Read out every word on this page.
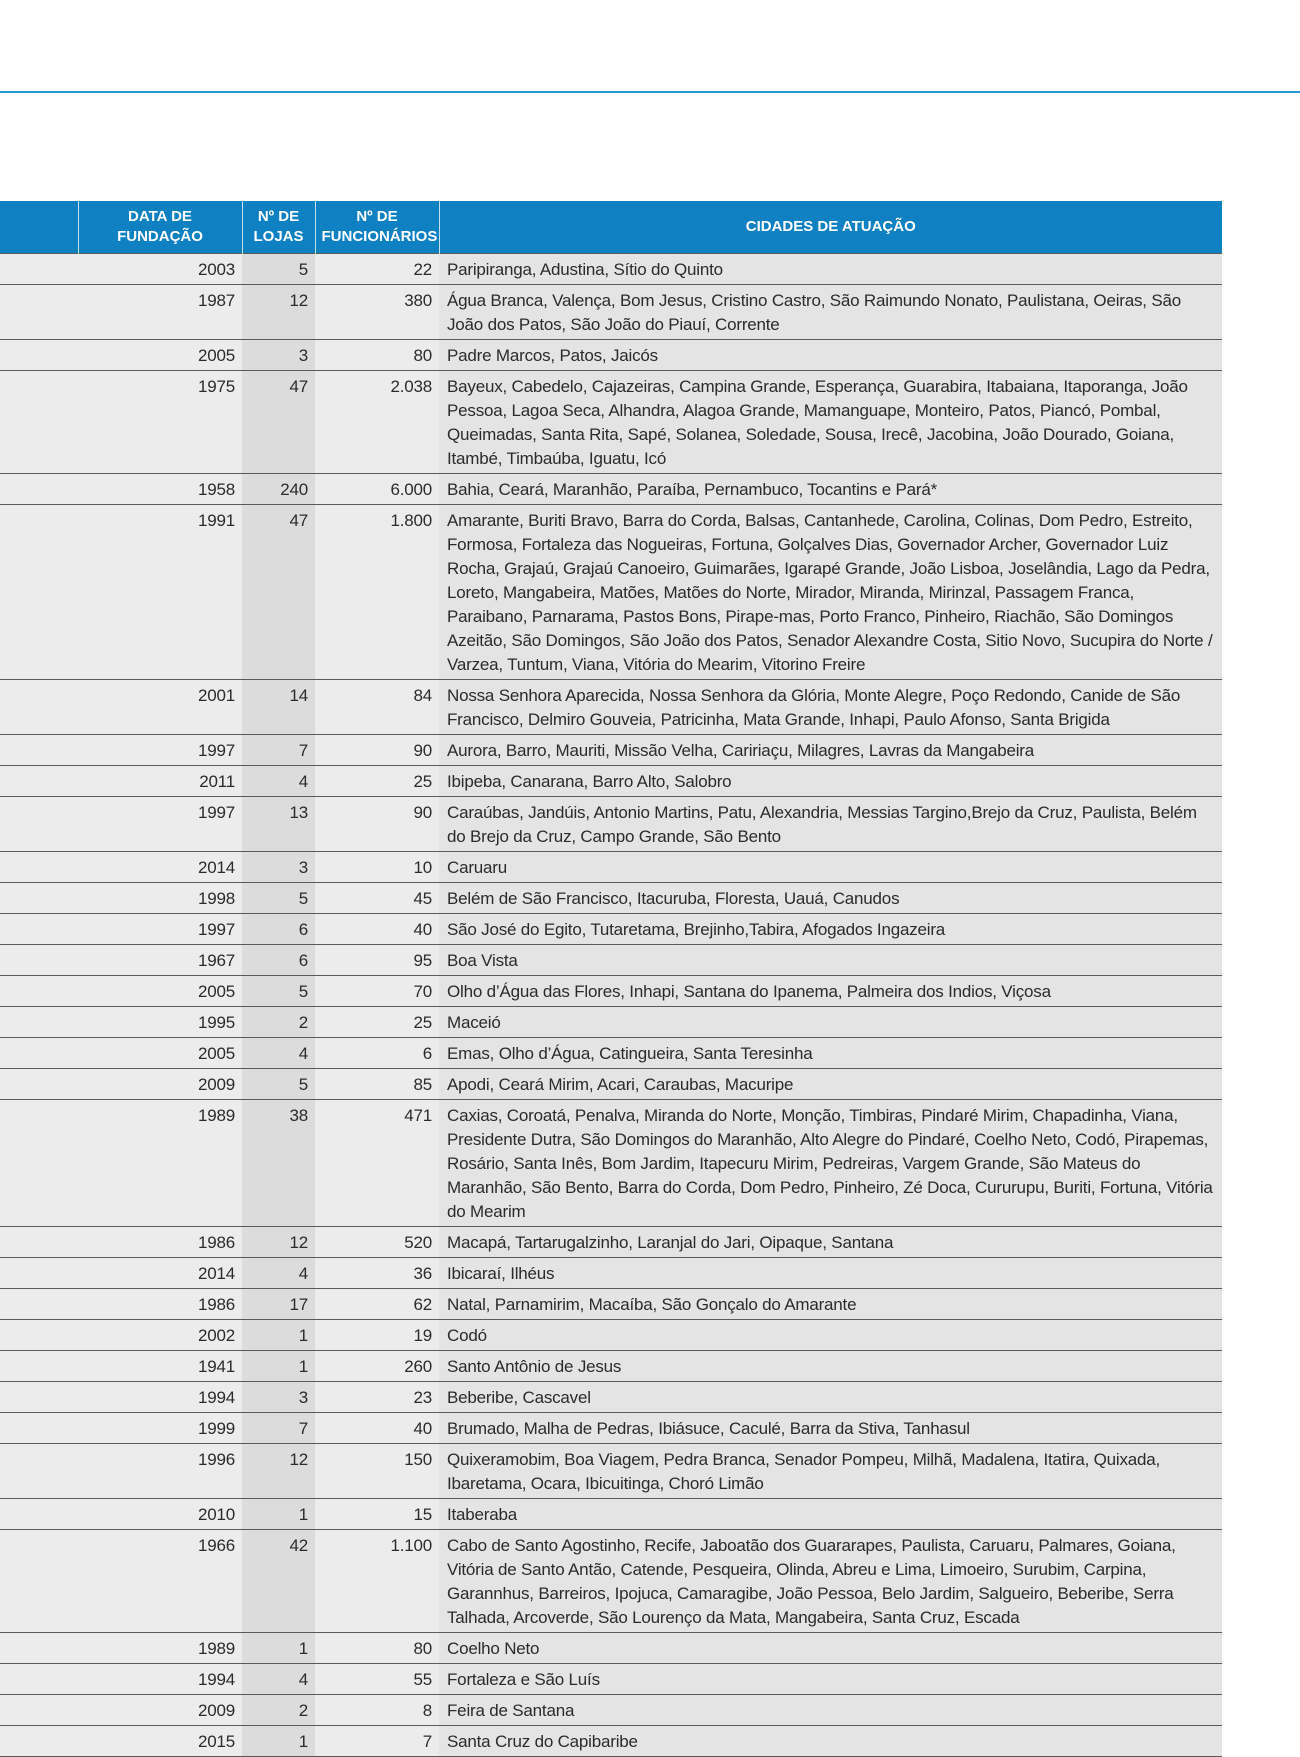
	DATA DE FUNDAÇÃO	Nº DE LOJAS	Nº DE FUNCIONÁRIOS	CIDADES DE ATUAÇÃO
	2003	5	22	Paripiranga, Adustina, Sítio do Quinto
	1987	12	380	Água Branca, Valença, Bom Jesus, Cristino Castro, São Raimundo Nonato, Paulistana, Oeiras, São João dos Patos, São João do Piauí, Corrente
	2005	3	80	Padre Marcos, Patos, Jaicós
	1975	47	2.038	Bayeux, Cabedelo, Cajazeiras, Campina Grande, Esperança, Guarabira, Itabaiana, Itaporanga, João Pessoa, Lagoa Seca, Alhandra, Alagoa Grande, Mamanguape, Monteiro, Patos, Piancó, Pombal, Queimadas, Santa Rita, Sapé, Solanea, Soledade, Sousa, Irecê, Jacobina, João Dourado, Goiana, Itambé, Timbaúba, Iguatu, Icó
	1958	240	6.000	Bahia, Ceará, Maranhão, Paraíba, Pernambuco, Tocantins e Pará*
	1991	47	1.800	Amarante, Buriti Bravo, Barra do Corda, Balsas, Cantanhede, Carolina, Colinas, Dom Pedro, Estreito, Formosa, Fortaleza das Nogueiras, Fortuna, Golçalves Dias, Governador Archer, Governador Luiz Rocha, Grajaú, Grajaú Canoeiro, Guimarães, Igarapé Grande, João Lisboa, Joselândia, Lago da Pedra, Loreto, Mangabeira, Matões, Matões do Norte, Mirador, Miranda, Mirinzal, Passagem Franca, Paraibano, Parnarama, Pastos Bons, Pirape-mas, Porto Franco, Pinheiro, Riachão, São Domingos Azeitão, São Domingos, São João dos Patos, Senador Alexandre Costa, Sitio Novo, Sucupira do Norte / Varzea, Tuntum, Viana, Vitória do Mearim, Vitorino Freire
	2001	14	84	Nossa Senhora Aparecida, Nossa Senhora da Glória, Monte Alegre, Poço Redondo, Canide de São Francisco, Delmiro Gouveia, Patricinha, Mata Grande, Inhapi, Paulo Afonso, Santa Brigida
	1997	7	90	Aurora, Barro, Mauriti, Missão Velha, Caririaçu, Milagres, Lavras da Mangabeira
	2011	4	25	Ibipeba, Canarana, Barro Alto, Salobro
	1997	13	90	Caraúbas, Jandúis, Antonio Martins, Patu, Alexandria, Messias Targino,Brejo da Cruz, Paulista, Belém do Brejo da Cruz, Campo Grande, São Bento
	2014	3	10	Caruaru
	1998	5	45	Belém de São Francisco, Itacuruba, Floresta, Uauá, Canudos
	1997	6	40	São José do Egito, Tutaretama, Brejinho,Tabira, Afogados Ingazeira
	1967	6	95	Boa Vista
	2005	5	70	Olho d’Água das Flores, Inhapi, Santana do Ipanema, Palmeira dos Indios, Viçosa
	1995	2	25	Maceió
	2005	4	6	Emas, Olho d’Água, Catingueira, Santa Teresinha
	2009	5	85	Apodi, Ceará Mirim, Acari, Caraubas, Macuripe
	1989	38	471	Caxias, Coroatá, Penalva, Miranda do Norte, Monção, Timbiras, Pindaré Mirim, Chapadinha, Viana, Presidente Dutra, São Domingos do Maranhão, Alto Alegre do Pindaré, Coelho Neto, Codó, Pirapemas, Rosário, Santa Inês, Bom Jardim, Itapecuru Mirim, Pedreiras, Vargem Grande, São Mateus do Maranhão, São Bento, Barra do Corda, Dom Pedro, Pinheiro, Zé Doca, Cururupu, Buriti, Fortuna, Vitória do Mearim
	1986	12	520	Macapá, Tartarugalzinho, Laranjal do Jari, Oipaque, Santana
	2014	4	36	Ibicaraí, Ilhéus
	1986	17	62	Natal, Parnamirim, Macaíba, São Gonçalo do Amarante
	2002	1	19	Codó
	1941	1	260	Santo Antônio de Jesus
	1994	3	23	Beberibe, Cascavel
	1999	7	40	Brumado, Malha de Pedras, Ibiásuce, Caculé, Barra da Stiva, Tanhasul
	1996	12	150	Quixeramobim, Boa Viagem, Pedra Branca, Senador Pompeu, Milhã, Madalena, Itatira, Quixada, Ibaretama, Ocara, Ibicuitinga, Choró Limão
	2010	1	15	Itaberaba
	1966	42	1.100	Cabo de Santo Agostinho, Recife, Jaboatão dos Guararapes, Paulista, Caruaru, Palmares, Goiana, Vitória de Santo Antão, Catende, Pesqueira, Olinda, Abreu e Lima, Limoeiro, Surubim, Carpina, Garannhus, Barreiros, Ipojuca, Camaragibe, João Pessoa, Belo Jardim, Salgueiro, Beberibe, Serra Talhada, Arcoverde, São Lourenço da Mata, Mangabeira, Santa Cruz, Escada
	1989	1	80	Coelho Neto
	1994	4	55	Fortaleza e São Luís
	2009	2	8	Feira de Santana
	2015	1	7	Santa Cruz do Capibaribe
